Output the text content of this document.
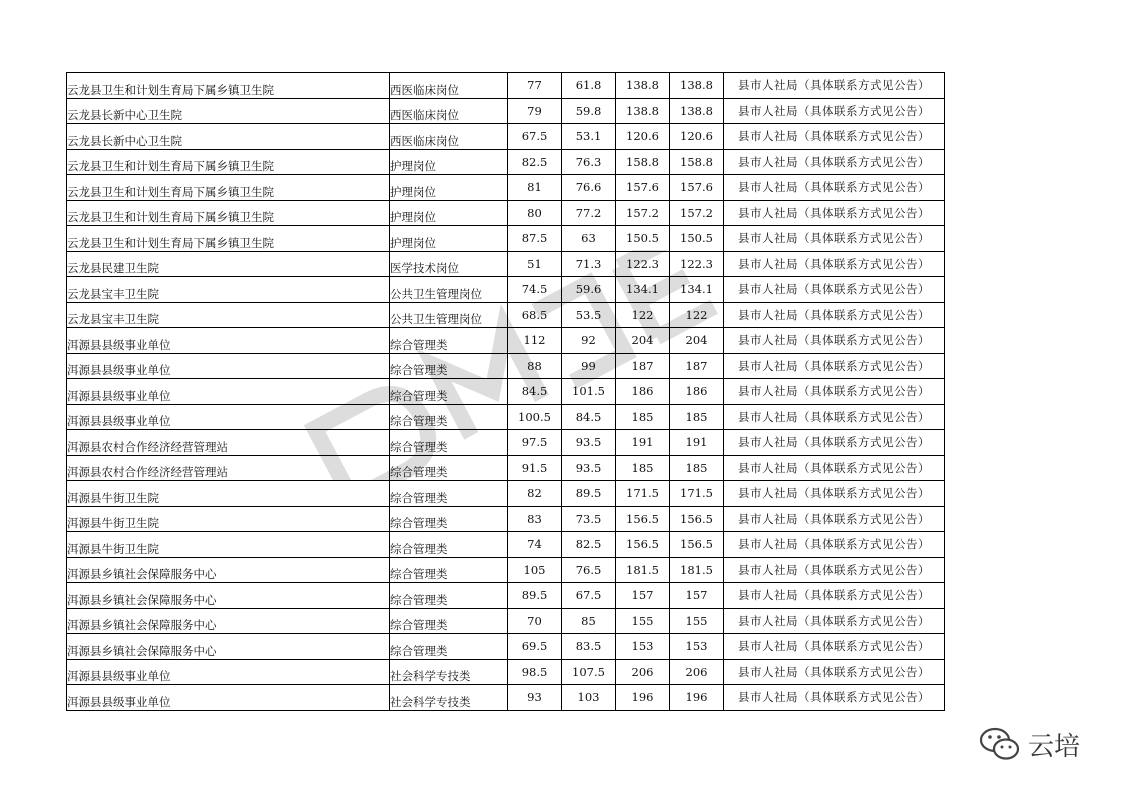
云龙县卫生和计划生育局下属乡镇卫生院	西医临床岗位	77	61.8	138.8	138.8	县市人社局（具体联系方式见公告）
云龙县长新中心卫生院	西医临床岗位	79	59.8	138.8	138.8	县市人社局（具体联系方式见公告）
云龙县长新中心卫生院	西医临床岗位	67.5	53.1	120.6	120.6	县市人社局（具体联系方式见公告）
云龙县卫生和计划生育局下属乡镇卫生院	护理岗位	82.5	76.3	158.8	158.8	县市人社局（具体联系方式见公告）
云龙县卫生和计划生育局下属乡镇卫生院	护理岗位	81	76.6	157.6	157.6	县市人社局（具体联系方式见公告）
云龙县卫生和计划生育局下属乡镇卫生院	护理岗位	80	77.2	157.2	157.2	县市人社局（具体联系方式见公告）
云龙县卫生和计划生育局下属乡镇卫生院	护理岗位	87.5	63	150.5	150.5	县市人社局（具体联系方式见公告）
云龙县民建卫生院	医学技术岗位	51	71.3	122.3	122.3	县市人社局（具体联系方式见公告）
云龙县宝丰卫生院	公共卫生管理岗位	74.5	59.6	134.1	134.1	县市人社局（具体联系方式见公告）
云龙县宝丰卫生院	公共卫生管理岗位	68.5	53.5	122	122	县市人社局（具体联系方式见公告）
洱源县县级事业单位	综合管理类	112	92	204	204	县市人社局（具体联系方式见公告）
洱源县县级事业单位	综合管理类	88	99	187	187	县市人社局（具体联系方式见公告）
洱源县县级事业单位	综合管理类	84.5	101.5	186	186	县市人社局（具体联系方式见公告）
洱源县县级事业单位	综合管理类	100.5	84.5	185	185	县市人社局（具体联系方式见公告）
洱源县农村合作经济经营管理站	综合管理类	97.5	93.5	191	191	县市人社局（具体联系方式见公告）
洱源县农村合作经济经营管理站	综合管理类	91.5	93.5	185	185	县市人社局（具体联系方式见公告）
洱源县牛街卫生院	综合管理类	82	89.5	171.5	171.5	县市人社局（具体联系方式见公告）
洱源县牛街卫生院	综合管理类	83	73.5	156.5	156.5	县市人社局（具体联系方式见公告）
洱源县牛街卫生院	综合管理类	74	82.5	156.5	156.5	县市人社局（具体联系方式见公告）
洱源县乡镇社会保障服务中心	综合管理类	105	76.5	181.5	181.5	县市人社局（具体联系方式见公告）
洱源县乡镇社会保障服务中心	综合管理类	89.5	67.5	157	157	县市人社局（具体联系方式见公告）
洱源县乡镇社会保障服务中心	综合管理类	70	85	155	155	县市人社局（具体联系方式见公告）
洱源县乡镇社会保障服务中心	综合管理类	69.5	83.5	153	153	县市人社局（具体联系方式见公告）
洱源县县级事业单位	社会科学专技类	98.5	107.5	206	206	县市人社局（具体联系方式见公告）
洱源县县级事业单位	社会科学专技类	93	103	196	196	县市人社局（具体联系方式见公告）
云培
